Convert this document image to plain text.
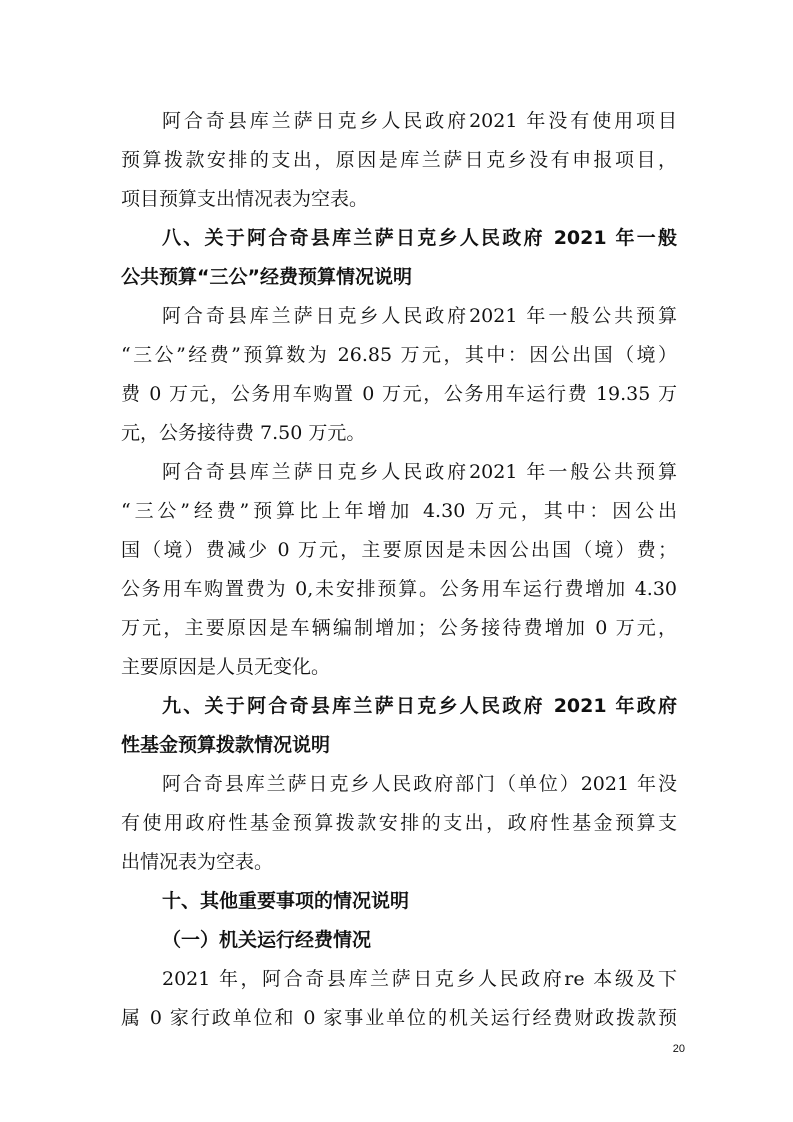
阿合奇县库兰萨日克乡人民政府2021 年没有使用项目
预算拨款安排的支出，原因是库兰萨日克乡没有申报项目，
项目预算支出情况表为空表。
八、关于阿合奇县库兰萨日克乡人民政府 2021 年一般
公共预算“三公”经费预算情况说明
阿合奇县库兰萨日克乡人民政府2021 年一般公共预算
“三公”经费”预算数为 26.85 万元，其中：因公出国（境）
费 0 万元，公务用车购置 0 万元，公务用车运行费 19.35 万
元，公务接待费 7.50 万元。
阿合奇县库兰萨日克乡人民政府2021 年一般公共预算
“三公”经费”预算比上年增加 4.30 万元，其中：因公出
国（境）费减少 0 万元，主要原因是未因公出国（境）费；
公务用车购置费为 0,未安排预算。公务用车运行费增加 4.30
万元，主要原因是车辆编制增加；公务接待费增加 0 万元，
主要原因是人员无变化。
九、关于阿合奇县库兰萨日克乡人民政府 2021 年政府
性基金预算拨款情况说明
阿合奇县库兰萨日克乡人民政府部门（单位）2021 年没
有使用政府性基金预算拨款安排的支出，政府性基金预算支
出情况表为空表。
十、其他重要事项的情况说明
（一）机关运行经费情况
2021 年，阿合奇县库兰萨日克乡人民政府re 本级及下
属 0 家行政单位和 0 家事业单位的机关运行经费财政拨款预
20
